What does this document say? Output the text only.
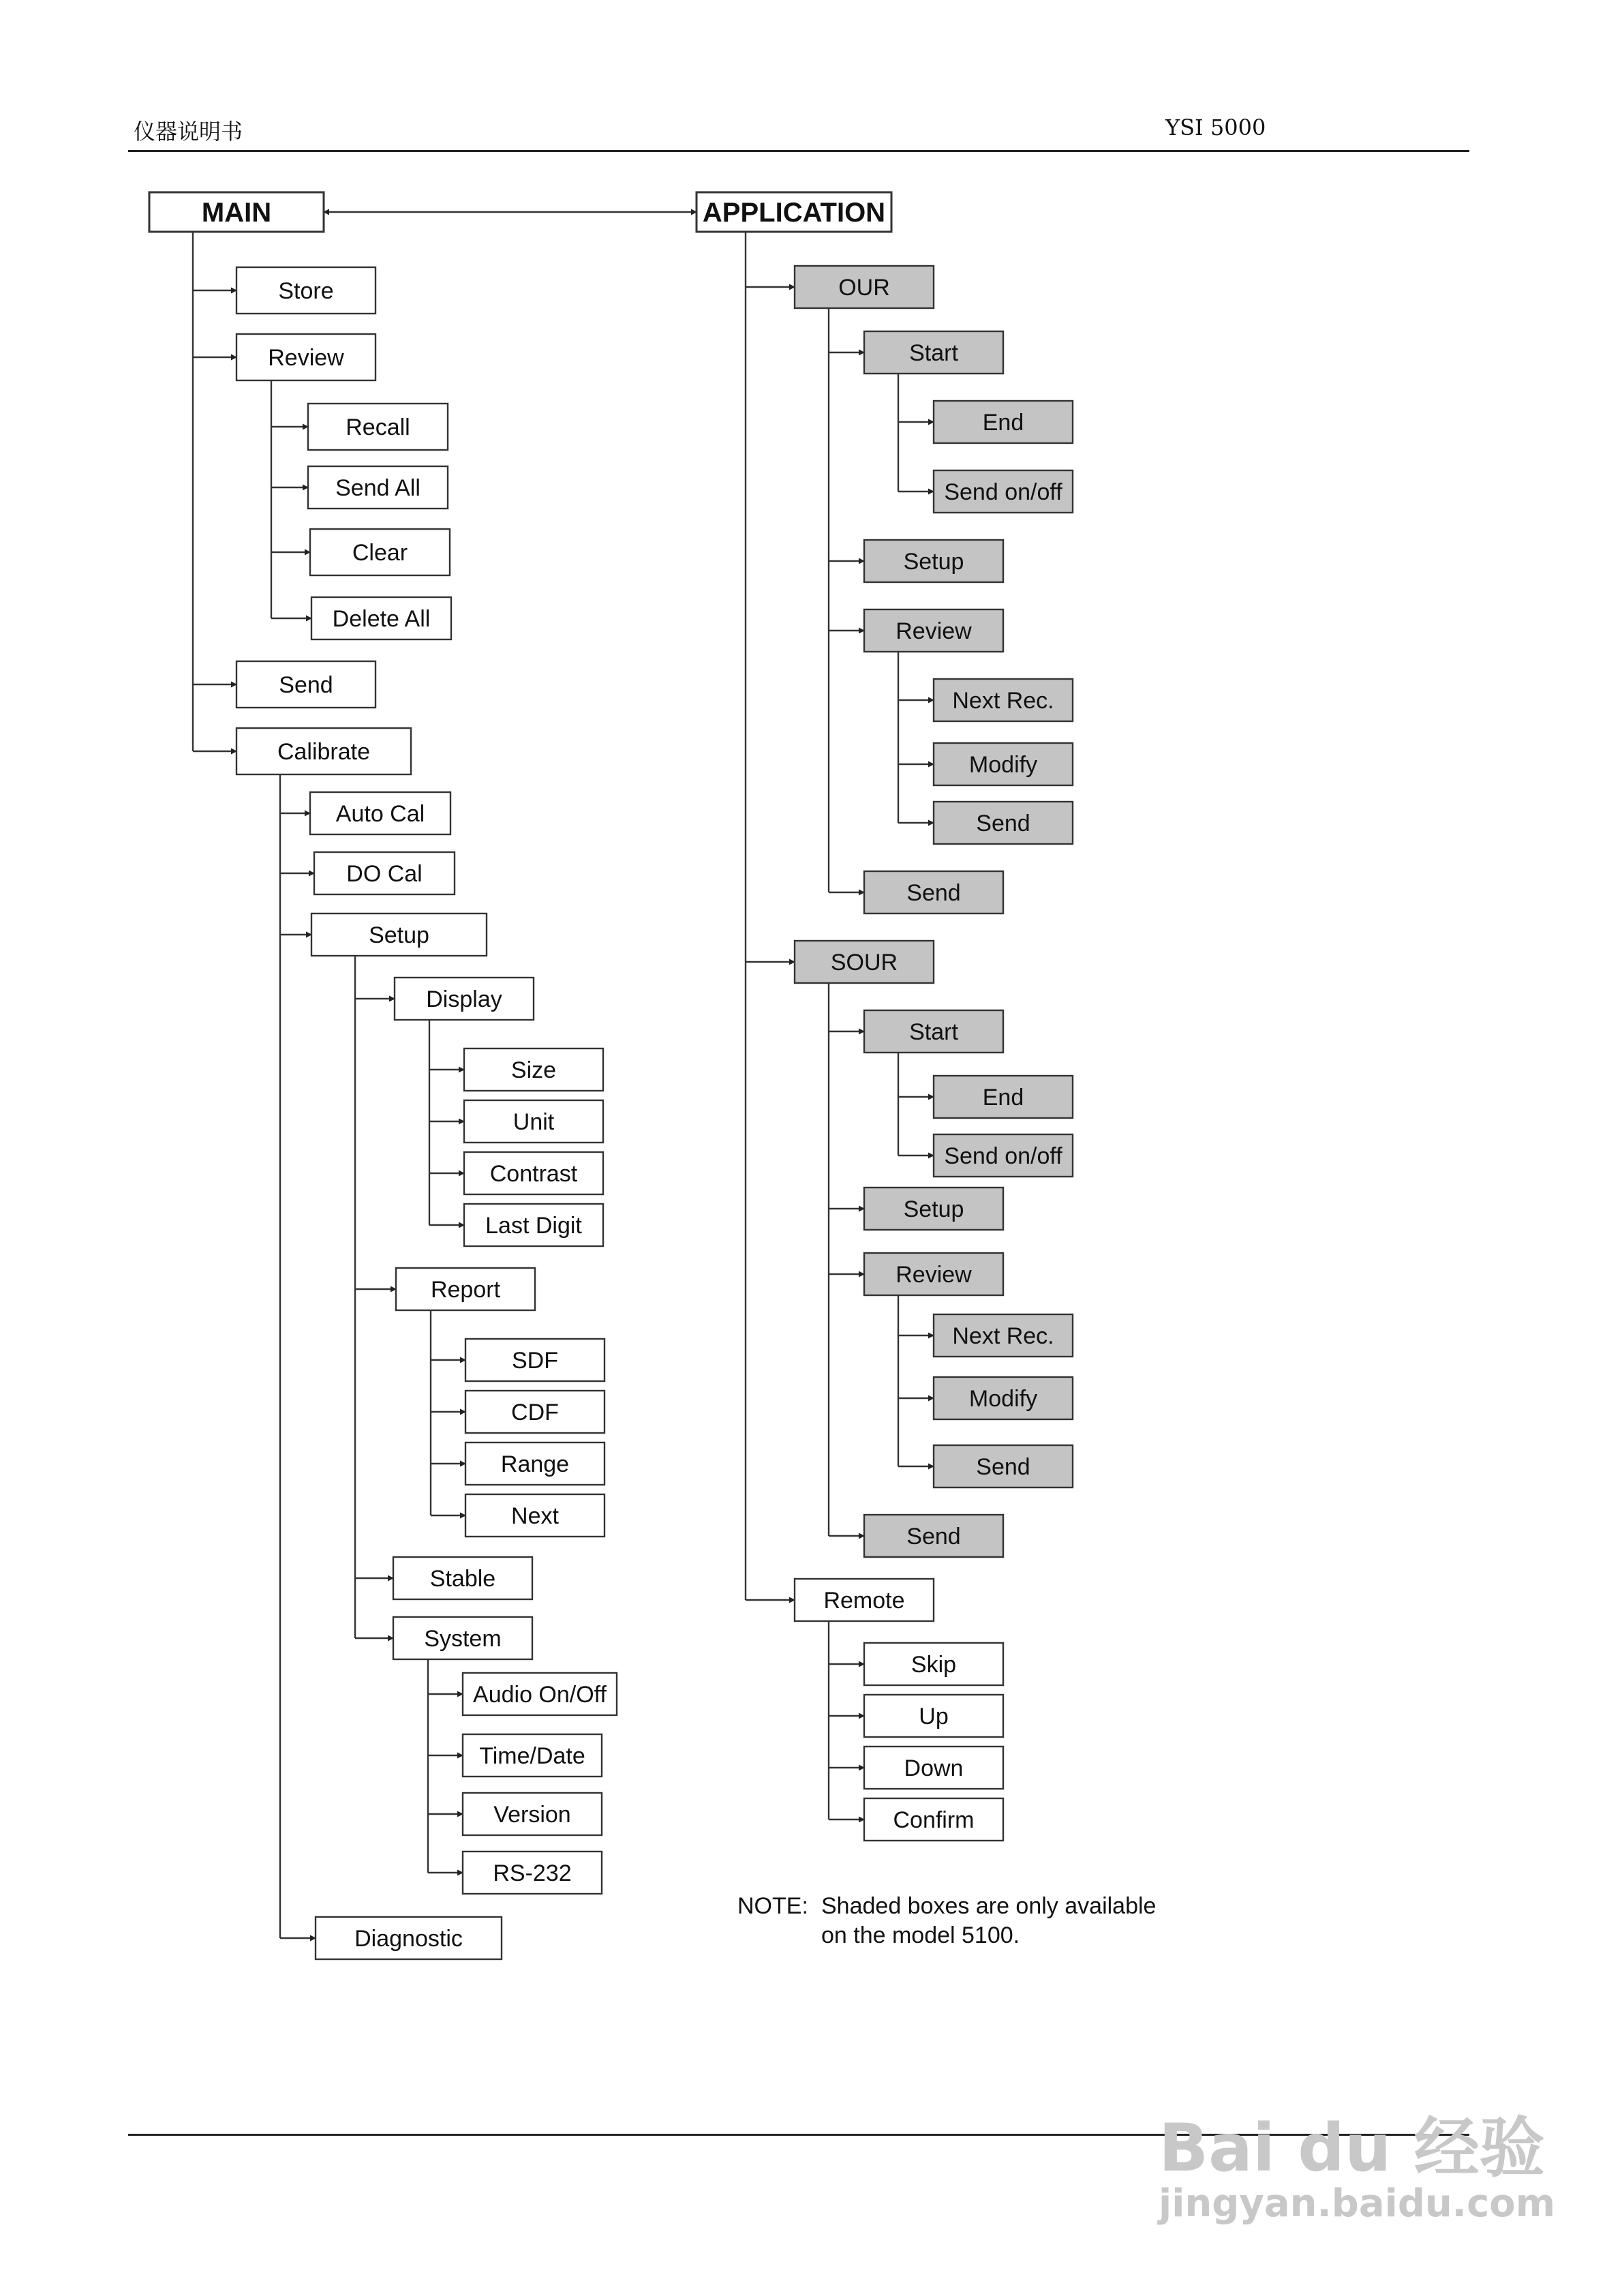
仪器说明书	YSI 5000
MAIN	APPLICATION
Store
Review
Send
Calibrate
Recall
Send All
Clear
Delete All
Auto Cal
DO Cal
Setup
Diagnostic
Display
Report
Stable
System
Size
Unit
Contrast
Last Digit
SDF
CDF
Range
Next
Audio On/Off
Time/Date
Version
RS-232
OUR
SOUR
Remote
Start
Setup
Review
Send
End
Send on/off
Next Rec.
Modify
Send
Start
Setup
Review
Send
End
Send on/off
Next Rec.
Modify
Send
Skip
Up
Down
Confirm
NOTE: Shaded boxes are only available
on the model 5100.
Bai du 经验
jingyan.baidu.com
